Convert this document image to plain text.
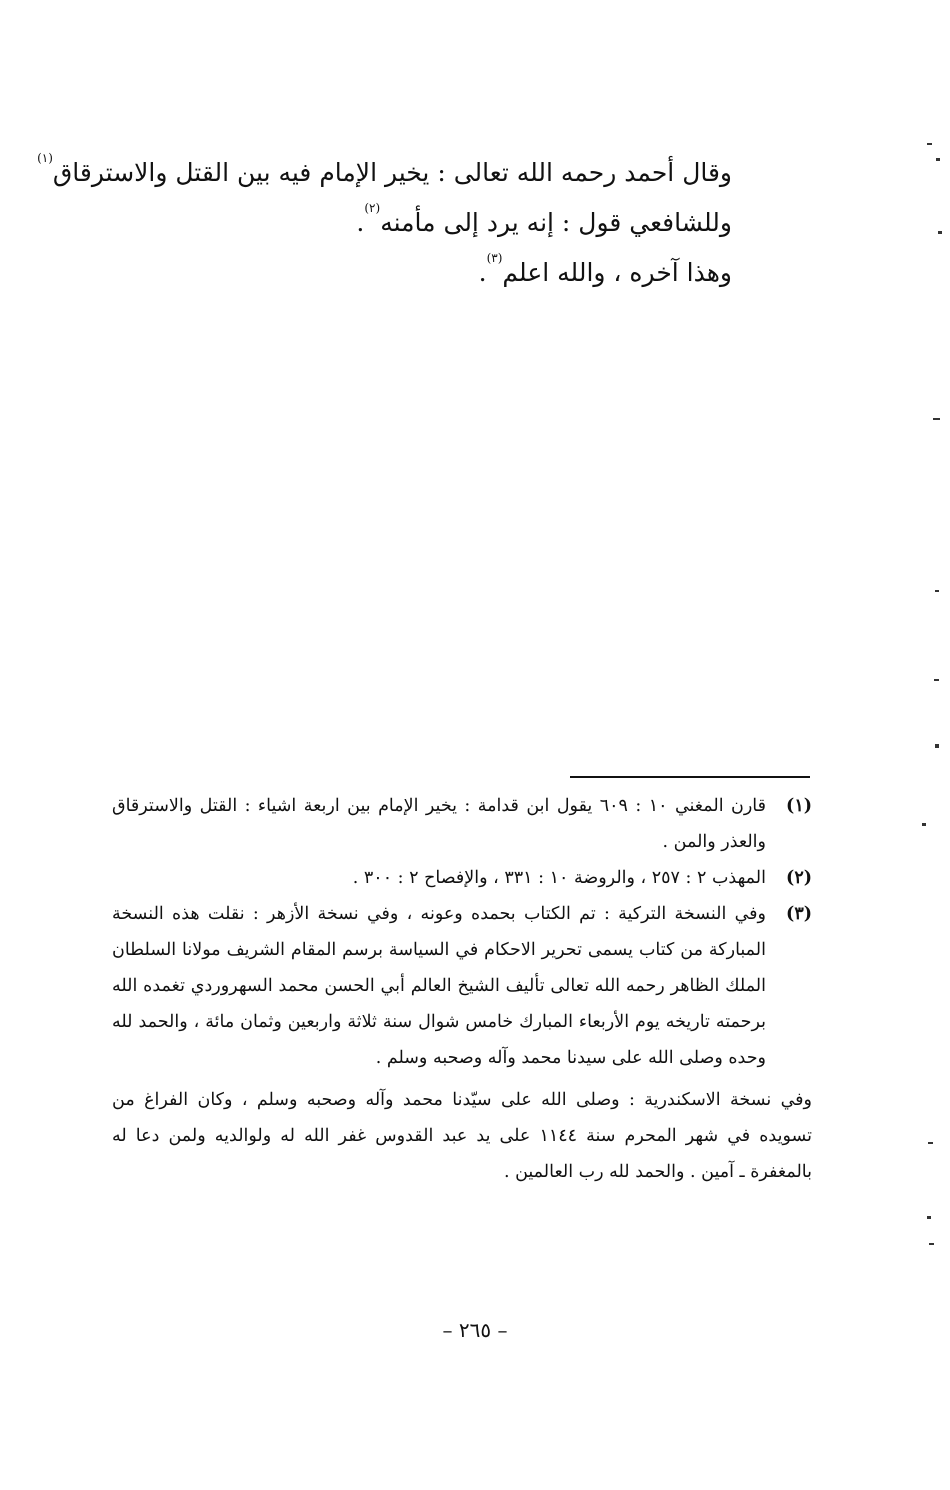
وقال أحمد رحمه الله تعالى : يخير الإمام فيه بين القتل والاسترقاق$^{(١)}$
وللشافعي قول : إنه يرد إلى مأمنه$^{(٢)}$.
وهذا آخره ، والله اعلم$^{(٣)}$.
(١)
قارن المغني ١٠ : ٦٠٩ يقول ابن قدامة : يخير الإمام بين اربعة اشياء : القتل والاسترقاق
والعذر والمن .
(٢)
المهذب ٢ : ٢٥٧ ، والروضة ١٠ : ٣٣١ ، والإفصاح ٢ : ٣٠٠ .
(٣)
وفي النسخة التركية : تم الكتاب بحمده وعونه ، وفي نسخة الأزهر : نقلت هذه النسخة
المباركة من كتاب يسمى تحرير الاحكام في السياسة برسم المقام الشريف مولانا السلطان
الملك الظاهر رحمه الله تعالى تأليف الشيخ العالم أبي الحسن محمد السهروردي تغمده الله
برحمته تاريخه يوم الأربعاء المبارك خامس شوال سنة ثلاثة واربعين وثمان مائة ، والحمد لله
وحده وصلى الله على سيدنا محمد وآله وصحبه وسلم .
وفي نسخة الاسكندرية : وصلى الله على سيّدنا محمد وآله وصحبه وسلم ، وكان الفراغ من
تسويده في شهر المحرم سنة ١١٤٤ على يد عبد القدوس غفر الله له ولوالديه ولمن دعا له
بالمغفرة ـ آمين . والحمد لله رب العالمين .
– ٢٦٥ –
